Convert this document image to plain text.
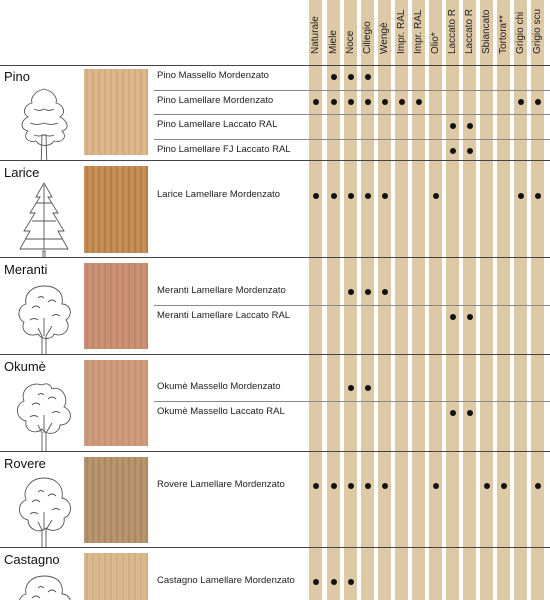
Naturale Miele Noce Ciliegio Wengè Impr. RAL Impr. RAL Olio* Laccato R Laccato R Sbiancato Tortora** Grigio chi Grigio scu
Pino	Pino Massello Mordenzato
Pino Lamellare Mordenzato
Pino Lamellare Laccato RAL
Pino Lamellare FJ Laccato RAL
Larice
Larice Lamellare Mordenzato
Meranti
Meranti Lamellare Mordenzato
Meranti Lamellare Laccato RAL
Okumè
Okumè Massello Mordenzato
Okumè Massello Laccato RAL
Rovere
Rovere Lamellare Mordenzato
Castagno
Castagno Lamellare Mordenzato
